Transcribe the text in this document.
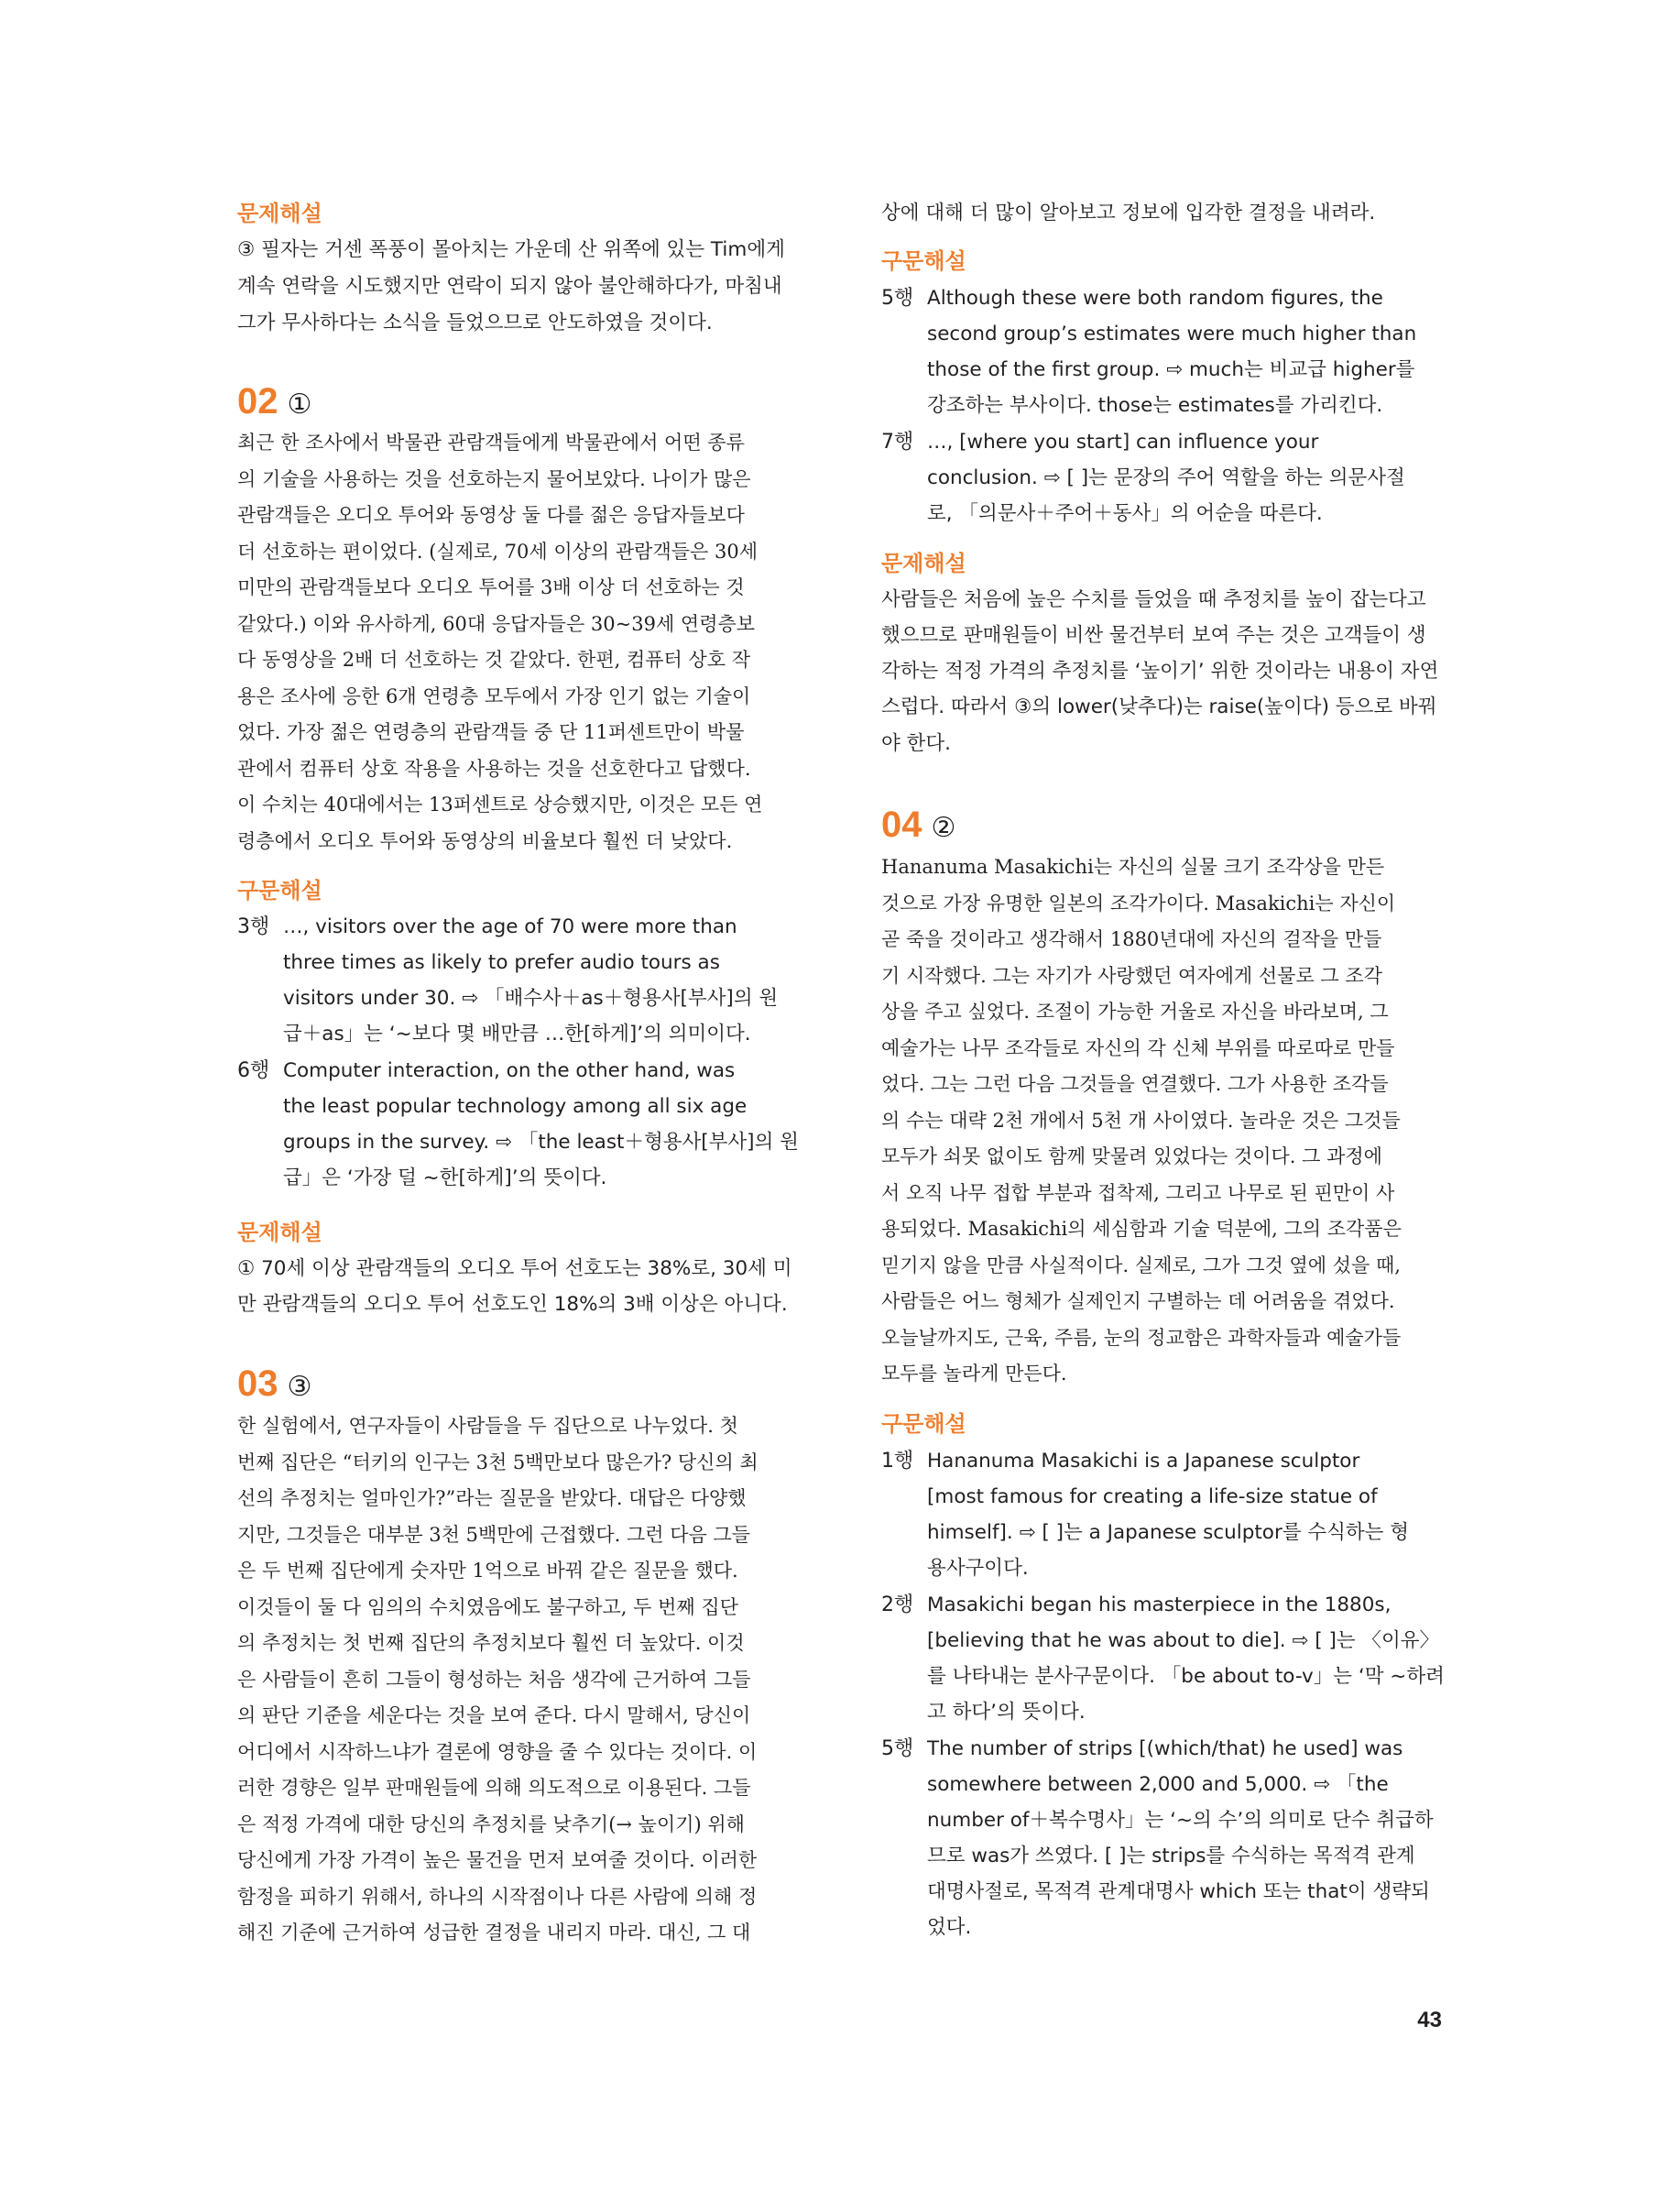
문제해설
③ 필자는 거센 폭풍이 몰아치는 가운데 산 위쪽에 있는 Tim에게
계속 연락을 시도했지만 연락이 되지 않아 불안해하다가, 마침내
그가 무사하다는 소식을 들었으므로 안도하였을 것이다.
02 ①
최근 한 조사에서 박물관 관람객들에게 박물관에서 어떤 종류
의 기술을 사용하는 것을 선호하는지 물어보았다. 나이가 많은
관람객들은 오디오 투어와 동영상 둘 다를 젊은 응답자들보다
더 선호하는 편이었다. (실제로, 70세 이상의 관람객들은 30세
미만의 관람객들보다 오디오 투어를 3배 이상 더 선호하는 것
같았다.) 이와 유사하게, 60대 응답자들은 30~39세 연령층보
다 동영상을 2배 더 선호하는 것 같았다. 한편, 컴퓨터 상호 작
용은 조사에 응한 6개 연령층 모두에서 가장 인기 없는 기술이
었다. 가장 젊은 연령층의 관람객들 중 단 11퍼센트만이 박물
관에서 컴퓨터 상호 작용을 사용하는 것을 선호한다고 답했다.
이 수치는 40대에서는 13퍼센트로 상승했지만, 이것은 모든 연
령층에서 오디오 투어와 동영상의 비율보다 훨씬 더 낮았다.
구문해설
3행 …, visitors over the age of 70 were more than
three times as likely to prefer audio tours as
visitors under 30. ⇨ 「배수사＋as＋형용사[부사]의 원
급＋as」는 ‘~보다 몇 배만큼 …한[하게]’의 의미이다.
6행 Computer interaction, on the other hand, was
the least popular technology among all six age
groups in the survey. ⇨ 「the least＋형용사[부사]의 원
급」은 ‘가장 덜 ~한[하게]’의 뜻이다.
문제해설
① 70세 이상 관람객들의 오디오 투어 선호도는 38%로, 30세 미
만 관람객들의 오디오 투어 선호도인 18%의 3배 이상은 아니다.
03 ③
한 실험에서, 연구자들이 사람들을 두 집단으로 나누었다. 첫
번째 집단은 “터키의 인구는 3천 5백만보다 많은가? 당신의 최
선의 추정치는 얼마인가?”라는 질문을 받았다. 대답은 다양했
지만, 그것들은 대부분 3천 5백만에 근접했다. 그런 다음 그들
은 두 번째 집단에게 숫자만 1억으로 바꿔 같은 질문을 했다.
이것들이 둘 다 임의의 수치였음에도 불구하고, 두 번째 집단
의 추정치는 첫 번째 집단의 추정치보다 훨씬 더 높았다. 이것
은 사람들이 흔히 그들이 형성하는 처음 생각에 근거하여 그들
의 판단 기준을 세운다는 것을 보여 준다. 다시 말해서, 당신이
어디에서 시작하느냐가 결론에 영향을 줄 수 있다는 것이다. 이
러한 경향은 일부 판매원들에 의해 의도적으로 이용된다. 그들
은 적정 가격에 대한 당신의 추정치를 낮추기(→ 높이기) 위해
당신에게 가장 가격이 높은 물건을 먼저 보여줄 것이다. 이러한
함정을 피하기 위해서, 하나의 시작점이나 다른 사람에 의해 정
해진 기준에 근거하여 성급한 결정을 내리지 마라. 대신, 그 대
상에 대해 더 많이 알아보고 정보에 입각한 결정을 내려라.
구문해설
5행 Although these were both random figures, the
second group’s estimates were much higher than
those of the first group. ⇨ much는 비교급 higher를
강조하는 부사이다. those는 estimates를 가리킨다.
7행 …, [where you start] can influence your
conclusion. ⇨ [ ]는 문장의 주어 역할을 하는 의문사절
로, 「의문사＋주어＋동사」의 어순을 따른다.
문제해설
사람들은 처음에 높은 수치를 들었을 때 추정치를 높이 잡는다고
했으므로 판매원들이 비싼 물건부터 보여 주는 것은 고객들이 생
각하는 적정 가격의 추정치를 ‘높이기’ 위한 것이라는 내용이 자연
스럽다. 따라서 ③의 lower(낮추다)는 raise(높이다) 등으로 바꿔
야 한다.
04 ②
Hananuma Masakichi는 자신의 실물 크기 조각상을 만든
것으로 가장 유명한 일본의 조각가이다. Masakichi는 자신이
곧 죽을 것이라고 생각해서 1880년대에 자신의 걸작을 만들
기 시작했다. 그는 자기가 사랑했던 여자에게 선물로 그 조각
상을 주고 싶었다. 조절이 가능한 거울로 자신을 바라보며, 그
예술가는 나무 조각들로 자신의 각 신체 부위를 따로따로 만들
었다. 그는 그런 다음 그것들을 연결했다. 그가 사용한 조각들
의 수는 대략 2천 개에서 5천 개 사이였다. 놀라운 것은 그것들
모두가 쇠못 없이도 함께 맞물려 있었다는 것이다. 그 과정에
서 오직 나무 접합 부분과 접착제, 그리고 나무로 된 핀만이 사
용되었다. Masakichi의 세심함과 기술 덕분에, 그의 조각품은
믿기지 않을 만큼 사실적이다. 실제로, 그가 그것 옆에 섰을 때,
사람들은 어느 형체가 실제인지 구별하는 데 어려움을 겪었다.
오늘날까지도, 근육, 주름, 눈의 정교함은 과학자들과 예술가들
모두를 놀라게 만든다.
구문해설
1행 Hananuma Masakichi is a Japanese sculptor
[most famous for creating a life-size statue of
himself]. ⇨ [ ]는 a Japanese sculptor를 수식하는 형
용사구이다.
2행 Masakichi began his masterpiece in the 1880s,
[believing that he was about to die]. ⇨ [ ]는 〈이유〉
를 나타내는 분사구문이다. 「be about to-v」는 ‘막 ~하려
고 하다’의 뜻이다.
5행 The number of strips [(which/that) he used] was
somewhere between 2,000 and 5,000. ⇨ 「the
number of＋복수명사」는 ‘~의 수’의 의미로 단수 취급하
므로 was가 쓰였다. [ ]는 strips를 수식하는 목적격 관계
대명사절로, 목적격 관계대명사 which 또는 that이 생략되
었다.
43
